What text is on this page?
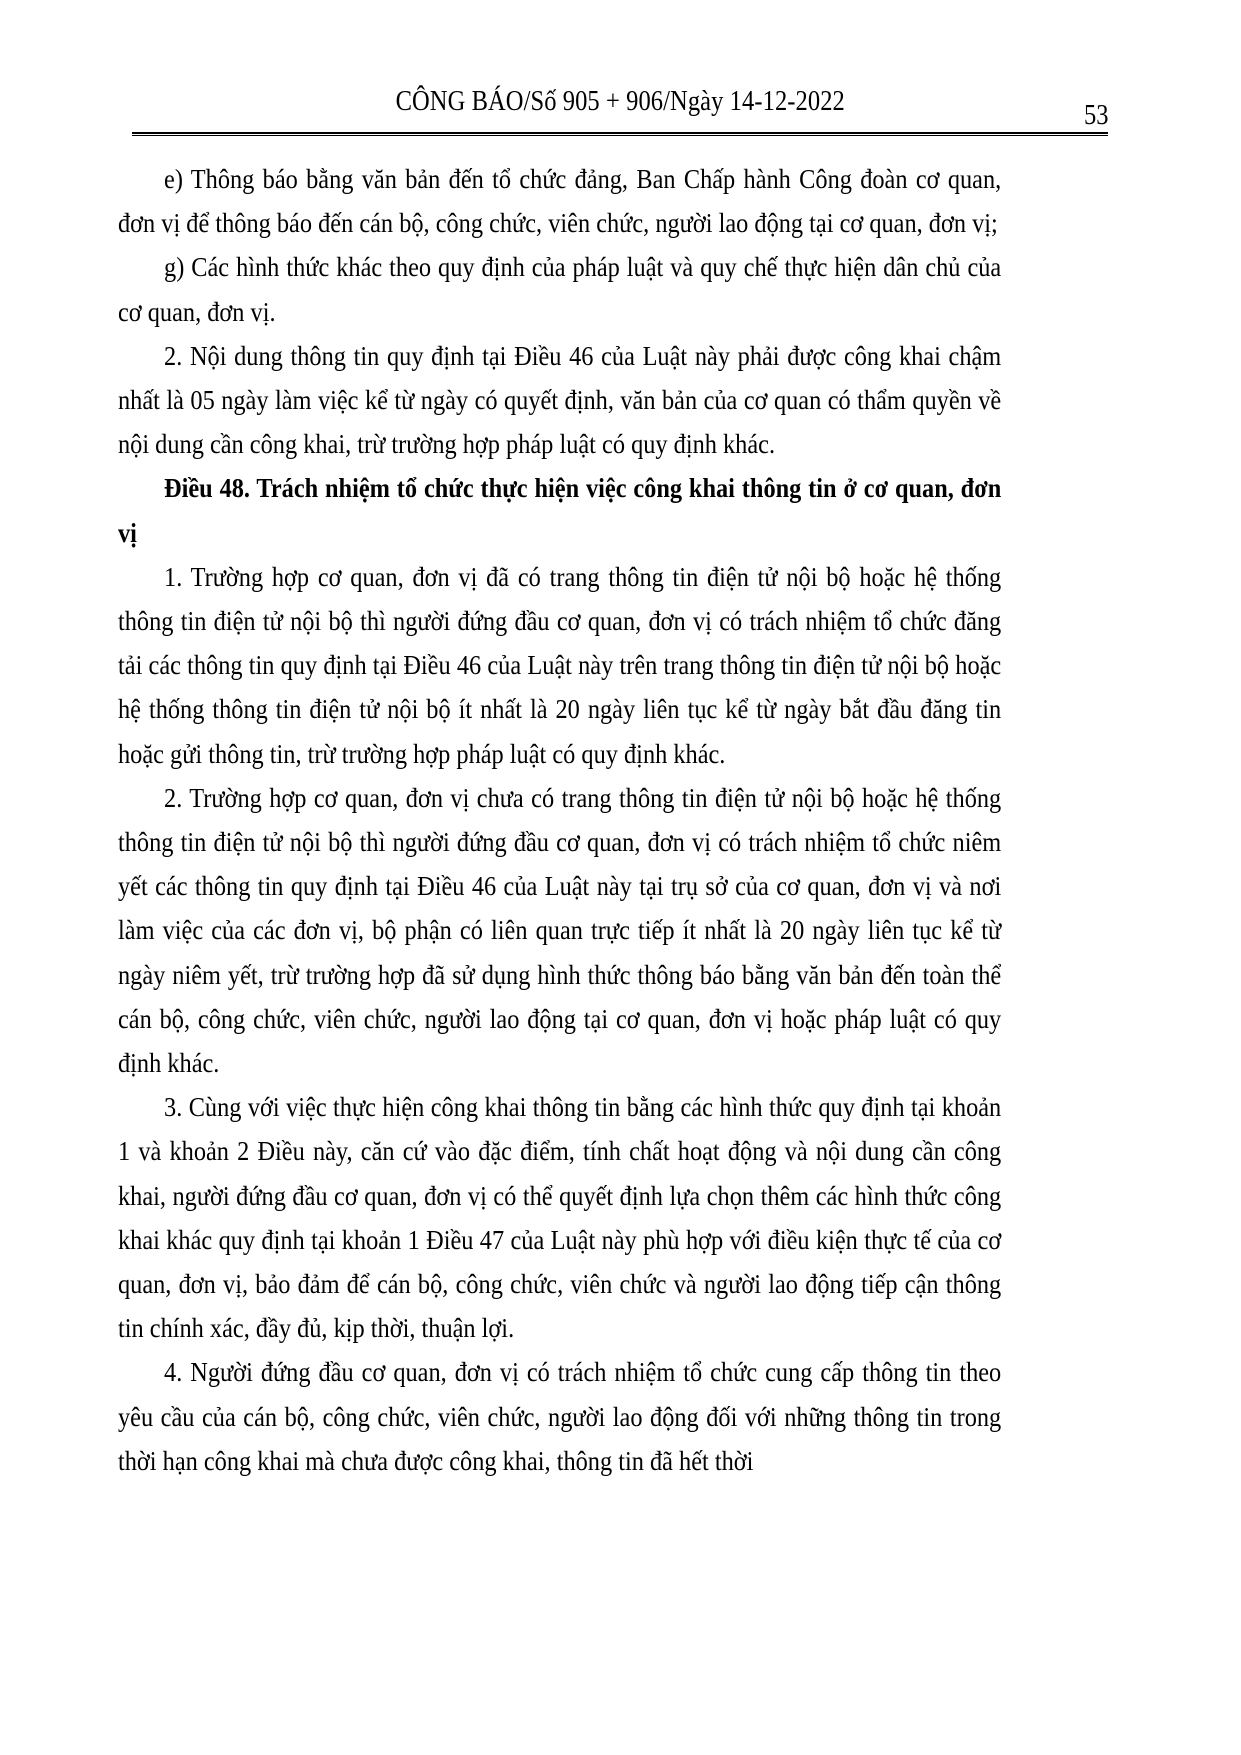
CÔNG BÁO/Số 905 + 906/Ngày 14-12-2022	53

e) Thông báo bằng văn bản đến tổ chức đảng, Ban Chấp hành Công đoàn cơ quan, đơn vị để thông báo đến cán bộ, công chức, viên chức, người lao động tại cơ quan, đơn vị;

g) Các hình thức khác theo quy định của pháp luật và quy chế thực hiện dân chủ của cơ quan, đơn vị.

2. Nội dung thông tin quy định tại Điều 46 của Luật này phải được công khai chậm nhất là 05 ngày làm việc kể từ ngày có quyết định, văn bản của cơ quan có thẩm quyền về nội dung cần công khai, trừ trường hợp pháp luật có quy định khác.

Điều 48. Trách nhiệm tổ chức thực hiện việc công khai thông tin ở cơ quan, đơn vị

1. Trường hợp cơ quan, đơn vị đã có trang thông tin điện tử nội bộ hoặc hệ thống thông tin điện tử nội bộ thì người đứng đầu cơ quan, đơn vị có trách nhiệm tổ chức đăng tải các thông tin quy định tại Điều 46 của Luật này trên trang thông tin điện tử nội bộ hoặc hệ thống thông tin điện tử nội bộ ít nhất là 20 ngày liên tục kể từ ngày bắt đầu đăng tin hoặc gửi thông tin, trừ trường hợp pháp luật có quy định khác.

2. Trường hợp cơ quan, đơn vị chưa có trang thông tin điện tử nội bộ hoặc hệ thống thông tin điện tử nội bộ thì người đứng đầu cơ quan, đơn vị có trách nhiệm tổ chức niêm yết các thông tin quy định tại Điều 46 của Luật này tại trụ sở của cơ quan, đơn vị và nơi làm việc của các đơn vị, bộ phận có liên quan trực tiếp ít nhất là 20 ngày liên tục kể từ ngày niêm yết, trừ trường hợp đã sử dụng hình thức thông báo bằng văn bản đến toàn thể cán bộ, công chức, viên chức, người lao động tại cơ quan, đơn vị hoặc pháp luật có quy định khác.

3. Cùng với việc thực hiện công khai thông tin bằng các hình thức quy định tại khoản 1 và khoản 2 Điều này, căn cứ vào đặc điểm, tính chất hoạt động và nội dung cần công khai, người đứng đầu cơ quan, đơn vị có thể quyết định lựa chọn thêm các hình thức công khai khác quy định tại khoản 1 Điều 47 của Luật này phù hợp với điều kiện thực tế của cơ quan, đơn vị, bảo đảm để cán bộ, công chức, viên chức và người lao động tiếp cận thông tin chính xác, đầy đủ, kịp thời, thuận lợi.

4. Người đứng đầu cơ quan, đơn vị có trách nhiệm tổ chức cung cấp thông tin theo yêu cầu của cán bộ, công chức, viên chức, người lao động đối với những thông tin trong thời hạn công khai mà chưa được công khai, thông tin đã hết thời
